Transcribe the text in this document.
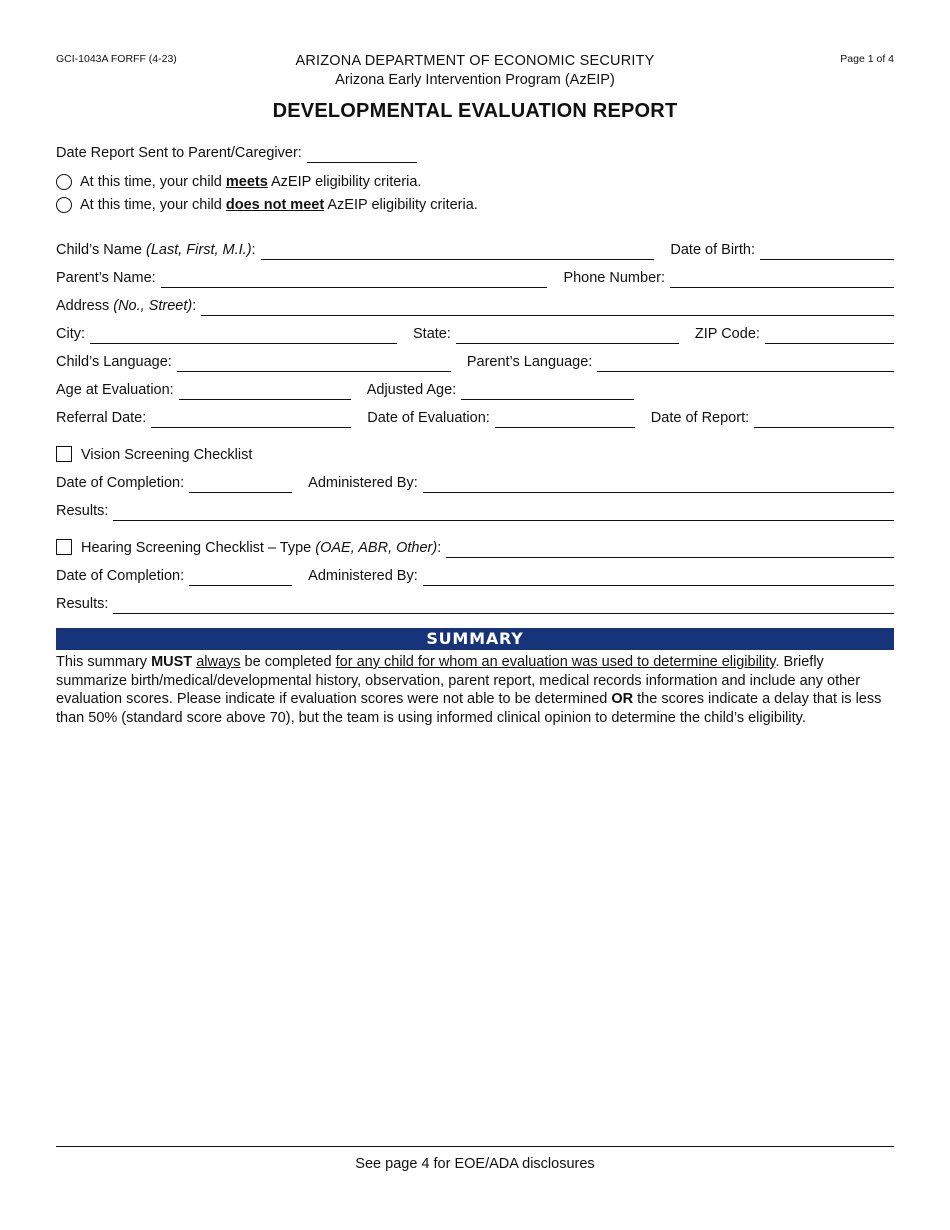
GCI-1043A FORFF (4-23)	ARIZONA DEPARTMENT OF ECONOMIC SECURITY
Arizona Early Intervention Program (AzEIP)
Page 1 of 4
DEVELOPMENTAL EVALUATION REPORT
Date Report Sent to Parent/Caregiver:
At this time, your child meets AzEIP eligibility criteria.
At this time, your child does not meet AzEIP eligibility criteria.
Child’s Name (Last, First, M.I.):	Date of Birth:
Parent’s Name:	Phone Number:
Address (No., Street):
City:	State:	ZIP Code:
Child’s Language:	Parent’s Language:
Age at Evaluation:	Adjusted Age:
Referral Date:	Date of Evaluation:	Date of Report:
Vision Screening Checklist
Date of Completion:	Administered By:
Results:
Hearing Screening Checklist – Type (OAE, ABR, Other):
Date of Completion:	Administered By:
Results:
SUMMARY
This summary MUST always be completed for any child for whom an evaluation was used to determine eligibility. Briefly summarize birth/medical/developmental history, observation, parent report, medical records information and include any other evaluation scores. Please indicate if evaluation scores were not able to be determined OR the scores indicate a delay that is less than 50% (standard score above 70), but the team is using informed clinical opinion to determine the child’s eligibility.
See page 4 for EOE/ADA disclosures
